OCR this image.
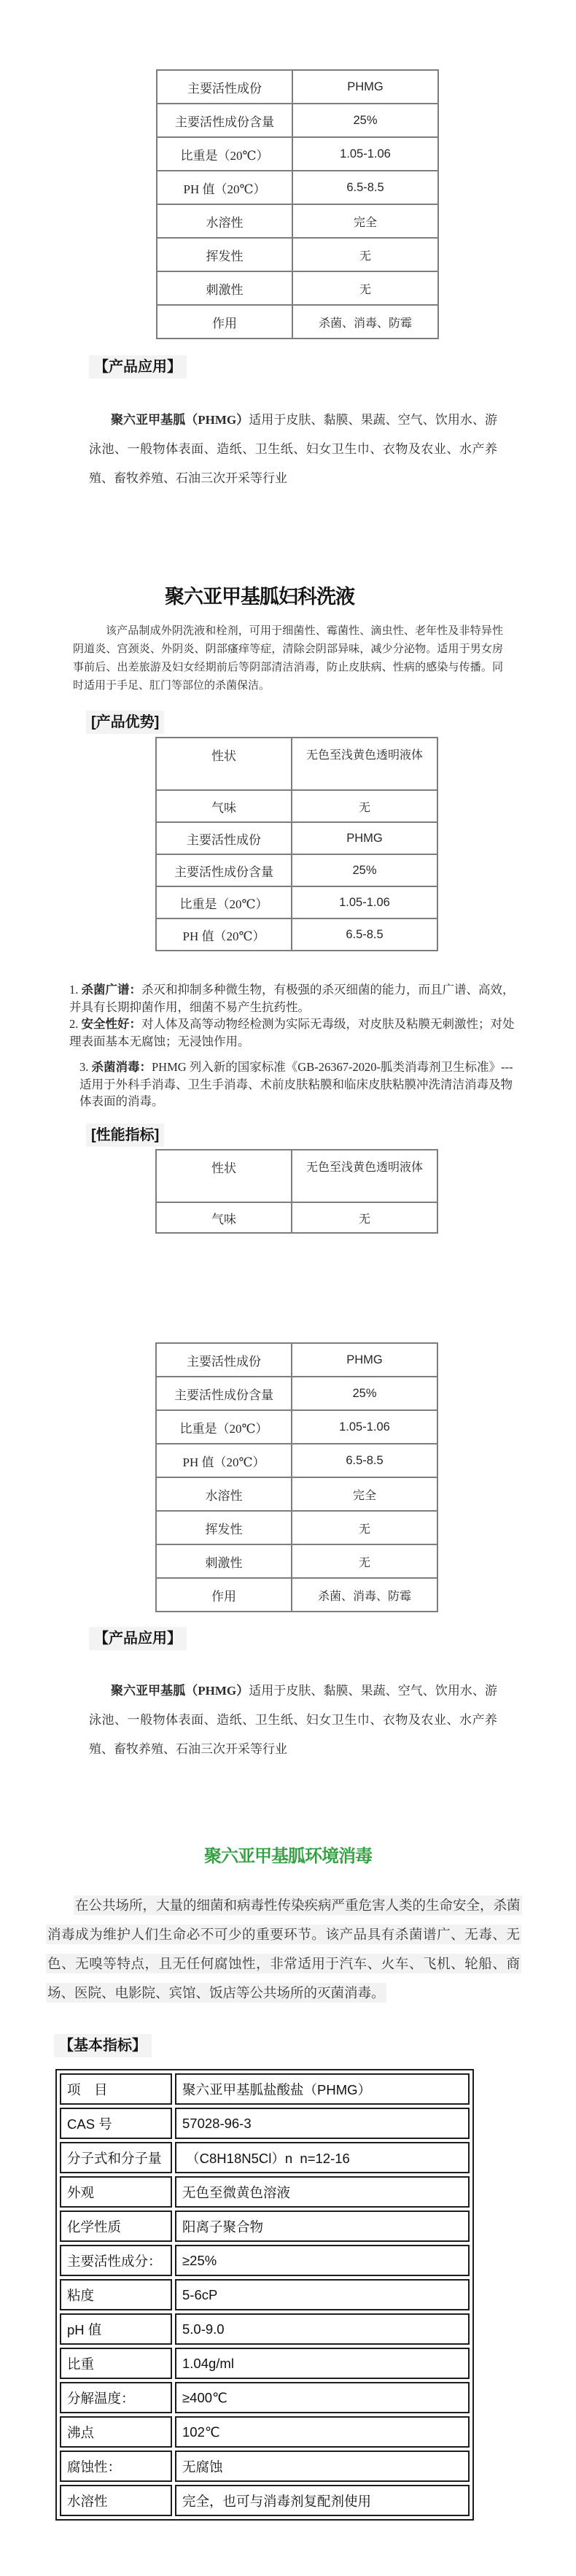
主要活性成份	PHMG
主要活性成份含量	25%
比重是（20℃）	1.05-1.06
PH 值（20℃）	6.5-8.5
水溶性	完全
挥发性	无
刺激性	无
作用	杀菌、消毒、防霉
【产品应用】
聚六亚甲基胍（PHMG）适用于皮肤、黏膜、果蔬、空气、饮用水、游泳池、一般物体表面、造纸、卫生纸、妇女卫生巾、衣物及农业、水产养殖、畜牧养殖、石油三次开采等行业
聚六亚甲基胍妇科洗液
该产品制成外阴洗液和栓剂，可用于细菌性、霉菌性、滴虫性、老年性及非特异性阴道炎、宫颈炎、外阴炎、阴部瘙痒等症，清除会阴部异味，减少分泌物。适用于男女房事前后、出差旅游及妇女经期前后等阴部清洁消毒，防止皮肤病、性病的感染与传播。同时适用于手足、肛门等部位的杀菌保洁。
[产品优势]
性状	无色至浅黄色透明液体
气味	无
主要活性成份	PHMG
主要活性成份含量	25%
比重是（20℃）	1.05-1.06
PH 值（20℃）	6.5-8.5
1. 杀菌广谱：杀灭和抑制多种微生物，有极强的杀灭细菌的能力，而且广谱、高效，并具有长期抑菌作用，细菌不易产生抗药性。
2. 安全性好：对人体及高等动物经检测为实际无毒级，对皮肤及粘膜无刺激性；对处理表面基本无腐蚀；无浸蚀作用。
3. 杀菌消毒：PHMG 列入新的国家标准《GB-26367-2020-胍类消毒剂卫生标准》---适用于外科手消毒、卫生手消毒、术前皮肤粘膜和临床皮肤粘膜冲洗清洁消毒及物体表面的消毒。
[性能指标]
性状	无色至浅黄色透明液体
气味	无
主要活性成份	PHMG
主要活性成份含量	25%
比重是（20℃）	1.05-1.06
PH 值（20℃）	6.5-8.5
水溶性	完全
挥发性	无
刺激性	无
作用	杀菌、消毒、防霉
【产品应用】
聚六亚甲基胍（PHMG）适用于皮肤、黏膜、果蔬、空气、饮用水、游泳池、一般物体表面、造纸、卫生纸、妇女卫生巾、衣物及农业、水产养殖、畜牧养殖、石油三次开采等行业
聚六亚甲基胍环境消毒
在公共场所，大量的细菌和病毒性传染疾病严重危害人类的生命安全，杀菌消毒成为维护人们生命必不可少的重要环节。该产品具有杀菌谱广、无毒、无色、无嗅等特点，且无任何腐蚀性，非常适用于汽车、火车、飞机、轮船、商场、医院、电影院、宾馆、饭店等公共场所的灭菌消毒。
【基本指标】
项　目	聚六亚甲基胍盐酸盐（PHMG）
CAS 号	57028-96-3
分子式和分子量	（C8H18N5Cl）n  n=12-16
外观	无色至微黄色溶液
化学性质	阳离子聚合物
主要活性成分：	≥25%
粘度	5-6cP
pH 值	5.0-9.0
比重	1.04g/ml
分解温度：	≥400℃
沸点	102℃
腐蚀性：	无腐蚀
水溶性	完全，也可与消毒剂复配剂使用
